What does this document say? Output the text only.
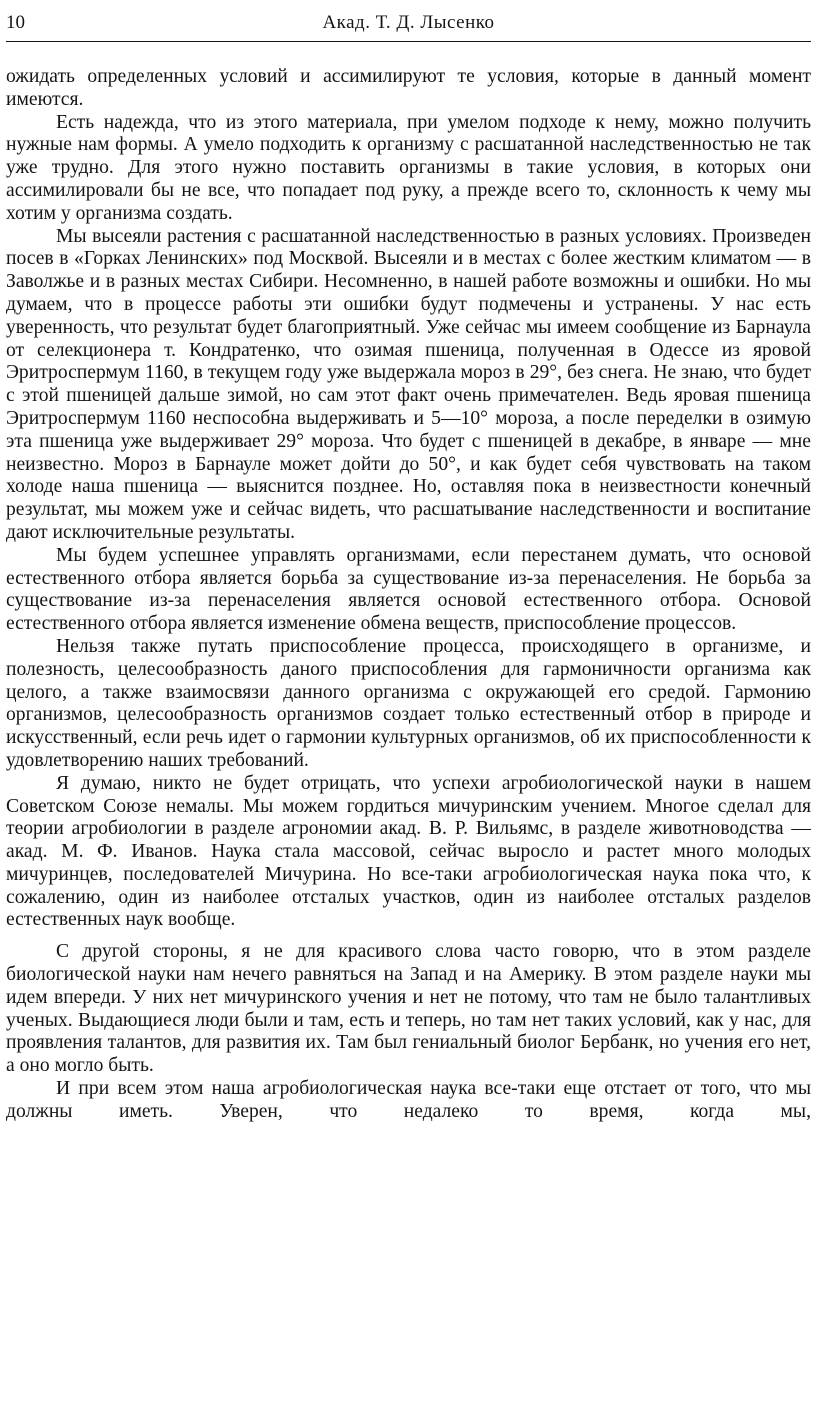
10	Акад. Т. Д. Лысенко

ожидать определенных условий и ассимилируют те условия, которые в данный момент имеются.

Есть надежда, что из этого материала, при умелом подходе к нему, можно получить нужные нам формы. А умело подходить к организму с расшатанной наследственностью не так уже трудно. Для этого нужно поставить организмы в такие условия, в которых они ассимилировали бы не все, что попадает под руку, а прежде всего то, склонность к чему мы хотим у организма создать.

Мы высеяли растения с расшатанной наследственностью в разных условиях. Произведен посев в «Горках Ленинских» под Москвой. Высеяли и в местах с более жестким климатом — в Заволжье и в разных местах Сибири. Несомненно, в нашей работе возможны и ошибки. Но мы думаем, что в процессе работы эти ошибки будут подмечены и устранены. У нас есть уверенность, что результат будет благоприятный. Уже сейчас мы имеем сообщение из Барнаула от селекционера т. Кондратенко, что озимая пшеница, полученная в Одессе из яровой Эритроспермум 1160, в текущем году уже выдержала мороз в 29°, без снега. Не знаю, что будет с этой пшеницей дальше зимой, но сам этот факт очень примечателен. Ведь яровая пшеница Эритроспермум 1160 неспособна выдерживать и 5—10° мороза, а после переделки в озимую эта пшеница уже выдерживает 29° мороза. Что будет с пшеницей в декабре, в январе — мне неизвестно. Мороз в Барнауле может дойти до 50°, и как будет себя чувствовать на таком холоде наша пшеница — выяснится позднее. Но, оставляя пока в неизвестности конечный результат, мы можем уже и сейчас видеть, что расшатывание наследственности и воспитание дают исключительные результаты.

Мы будем успешнее управлять организмами, если перестанем думать, что основой естественного отбора является борьба за существование из-за перенаселения. Не борьба за существование из-за перенаселения является основой естественного отбора. Основой естественного отбора является изменение обмена веществ, приспособление процессов.

Нельзя также путать приспособление процесса, происходящего в организме, и полезность, целесообразность даного приспособления для гармоничности организма как целого, а также взаимосвязи данного организма с окружающей его средой. Гармонию организмов, целесообразность организмов создает только естественный отбор в природе и искусственный, если речь идет о гармонии культурных организмов, об их приспособленности к удовлетворению наших требований.

Я думаю, никто не будет отрицать, что успехи агробиологической науки в нашем Советском Союзе немалы. Мы можем гордиться мичуринским учением. Многое сделал для теории агробиологии в разделе агрономии акад. В. Р. Вильямс, в разделе животноводства — акад. М. Ф. Иванов. Наука стала массовой, сейчас выросло и растет много молодых мичуринцев, последователей Мичурина. Но все-таки агробиологическая наука пока что, к сожалению, один из наиболее отсталых участков, один из наиболее отсталых разделов естественных наук вообще.

С другой стороны, я не для красивого слова часто говорю, что в этом разделе биологической науки нам нечего равняться на Запад и на Америку. В этом разделе науки мы идем впереди. У них нет мичуринского учения и нет не потому, что там не было талантливых ученых. Выдающиеся люди были и там, есть и теперь, но там нет таких условий, как у нас, для проявления талантов, для развития их. Там был гениальный биолог Бербанк, но учения его нет, а оно могло быть.

И при всем этом наша агробиологическая наука все-таки еще отстает от того, что мы должны иметь. Уверен, что недалеко то время, когда мы,
